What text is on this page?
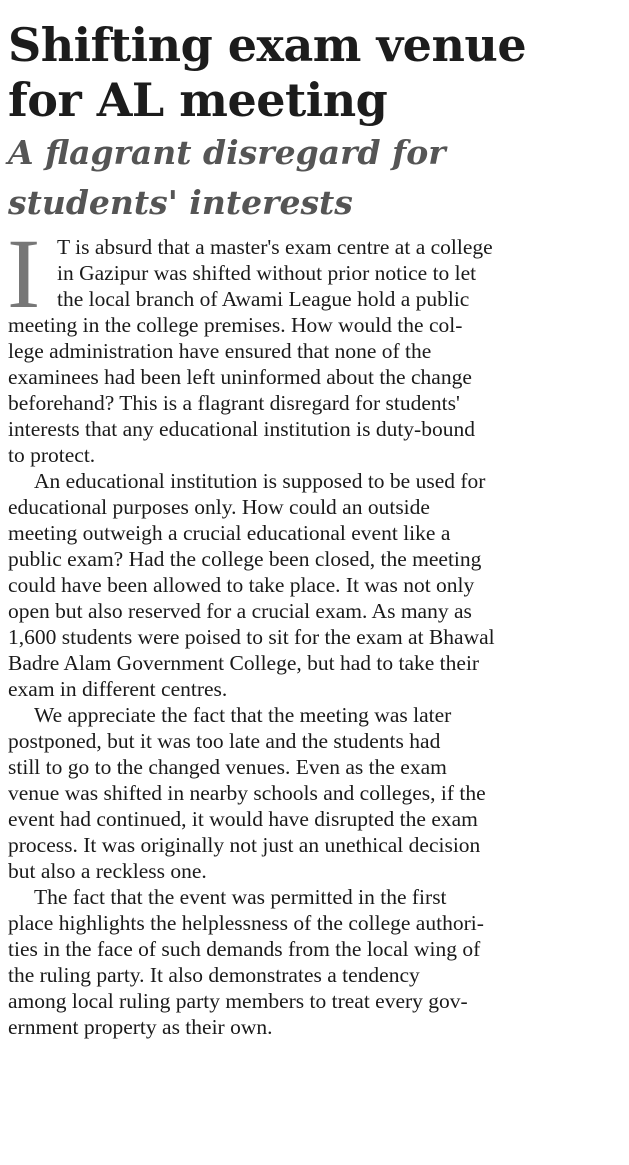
Shifting exam venue
for AL meeting
A flagrant disregard for
students' interests
I T is absurd that a master's exam centre at a college
in Gazipur was shifted without prior notice to let
the local branch of Awami League hold a public
meeting in the college premises. How would the col-
lege administration have ensured that none of the
examinees had been left uninformed about the change
beforehand? This is a flagrant disregard for students'
interests that any educational institution is duty-bound
to protect.
An educational institution is supposed to be used for
educational purposes only. How could an outside
meeting outweigh a crucial educational event like a
public exam? Had the college been closed, the meeting
could have been allowed to take place. It was not only
open but also reserved for a crucial exam. As many as
1,600 students were poised to sit for the exam at Bhawal
Badre Alam Government College, but had to take their
exam in different centres.
We appreciate the fact that the meeting was later
postponed, but it was too late and the students had
still to go to the changed venues. Even as the exam
venue was shifted in nearby schools and colleges, if the
event had continued, it would have disrupted the exam
process. It was originally not just an unethical decision
but also a reckless one.
The fact that the event was permitted in the first
place highlights the helplessness of the college authori-
ties in the face of such demands from the local wing of
the ruling party. It also demonstrates a tendency
among local ruling party members to treat every gov-
ernment property as their own.
